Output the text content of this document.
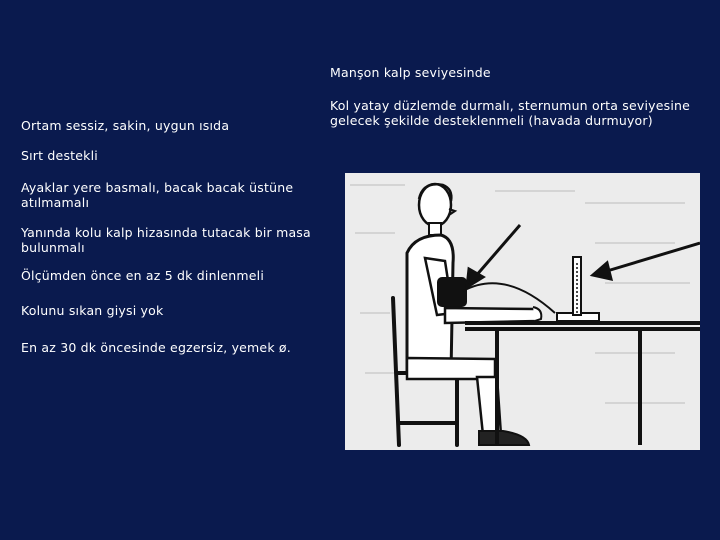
Manşon kalp seviyesinde
Kol yatay düzlemde durmalı, sternumun orta seviyesine gelecek şekilde desteklenmeli (havada durmuyor)
Ortam sessiz, sakin, uygun ısıda
Sırt destekli
Ayaklar yere basmalı, bacak bacak üstüne atılmamalı
Yanında kolu kalp hizasında tutacak bir masa bulunmalı
Ölçümden önce en az 5 dk dinlenmeli
Kolunu sıkan giysi yok
En az 30 dk öncesinde egzersiz, yemek ø.
